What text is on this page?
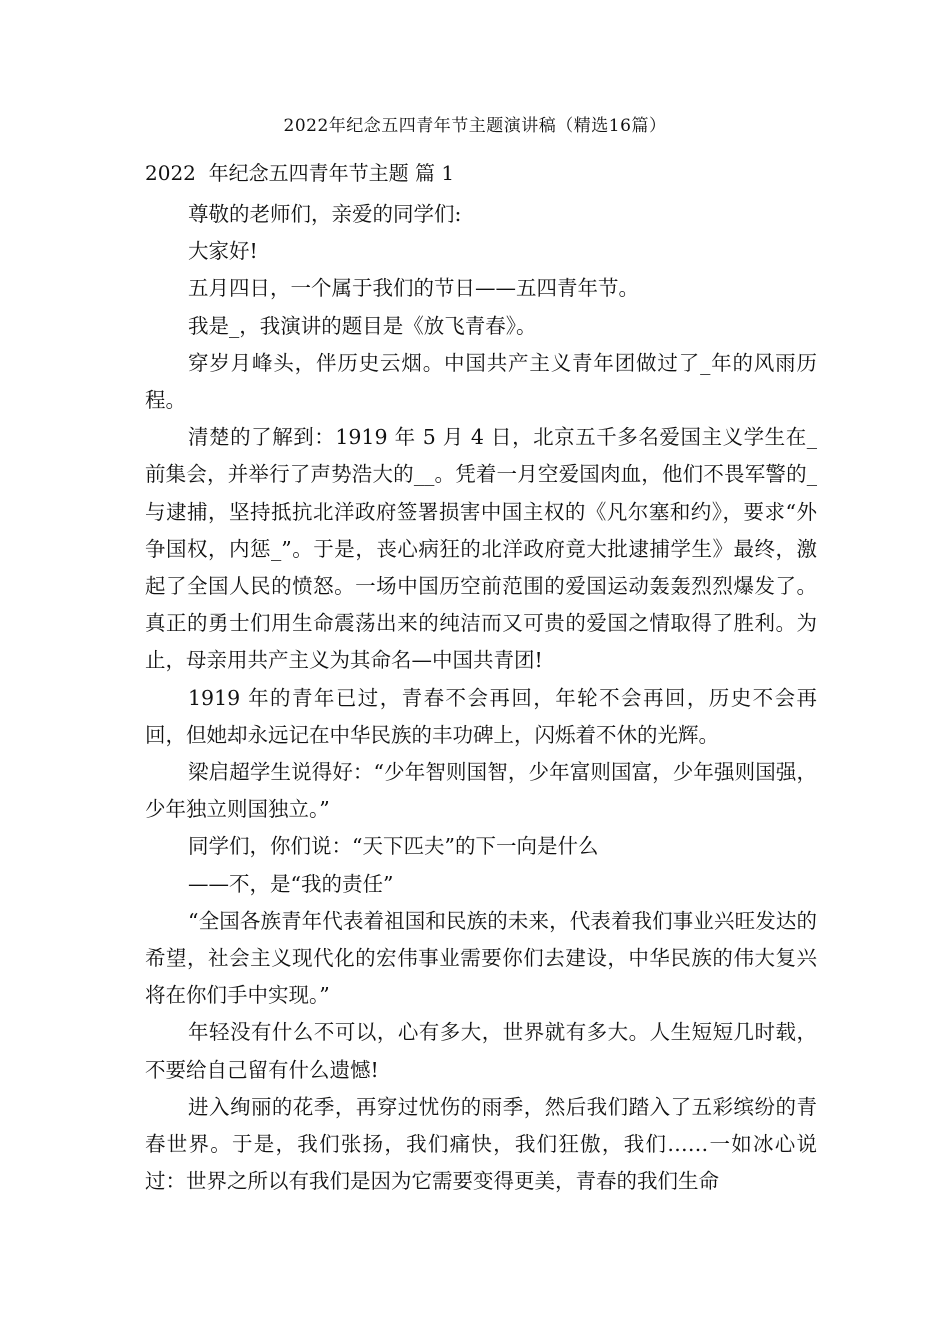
2022年纪念五四青年节主题演讲稿（精选16篇）
2022  年纪念五四青年节主题 篇 1

尊敬的老师们，亲爱的同学们:

大家好!

五月四日，一个属于我们的节日——五四青年节。

我是_，我演讲的题目是《放飞青春》。

穿岁月峰头，伴历史云烟。中国共产主义青年团做过了_年的风雨历程。

清楚的了解到：1919 年 5 月 4 日，北京五千多名爱国主义学生在_前集会，并举行了声势浩大的__。凭着一月空爱国肉血，他们不畏军警的_与逮捕，坚持抵抗北洋政府签署损害中国主权的《凡尔塞和约》，要求“外争国权，内惩_”。于是，丧心病狂的北洋政府竟大批逮捕学生》最终，激起了全国人民的愤怒。一场中国历空前范围的爱国运动轰轰烈烈爆发了。真正的勇士们用生命震荡出来的纯洁而又可贵的爱国之情取得了胜利。为止，母亲用共产主义为其命名—中国共青团!

1919 年的青年已过，青春不会再回，年轮不会再回，历史不会再回，但她却永远记在中华民族的丰功碑上，闪烁着不休的光辉。

梁启超学生说得好：“少年智则国智，少年富则国富，少年强则国强，少年独立则国独立。”

同学们，你们说：“天下匹夫”的下一向是什么

——不，是“我的责任”

“全国各族青年代表着祖国和民族的未来，代表着我们事业兴旺发达的希望，社会主义现代化的宏伟事业需要你们去建设，中华民族的伟大复兴将在你们手中实现。”

年轻没有什么不可以，心有多大，世界就有多大。人生短短几时载，不要给自己留有什么遗憾!

进入绚丽的花季，再穿过忧伤的雨季，然后我们踏入了五彩缤纷的青春世界。于是，我们张扬，我们痛快，我们狂傲，我们……一如冰心说过：世界之所以有我们是因为它需要变得更美，青春的我们生命
